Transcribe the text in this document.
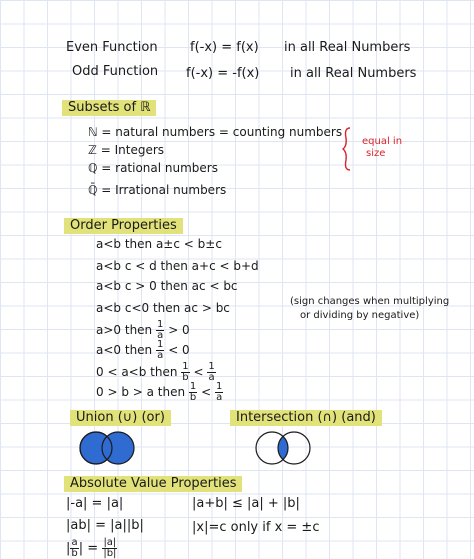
Even Function f(-x) = f(x) in all Real Numbers
Odd Function f(-x) = -f(x) in all Real Numbers
Subsets of ℝ
ℕ = natural numbers = counting numbers
ℤ = Integers
ℚ = rational numbers
ℚ̄ = Irrational numbers
equal in
size
Order Properties
a<b then a±c < b±c
a<b c < d then a+c < b+d
a<b c > 0 then ac < bc
a<b c<0 then ac > bc	(sign changes when multiplying
or dividing by negative)
a>0 then $\frac{1}{a} > 0$
a<0 then $\frac{1}{a} < 0$
0 < a<b then $\frac{1}{b} < \frac{1}{a}$
0 > b > a then $\frac{1}{b} < \frac{1}{a}$
Union (∪) (or)	Intersection (∩) (and)
Absolute Value Properties
|-a| = |a|
|ab| = |a||b|
|a+b| ≤ |a| + |b|
|x|=c only if x = ±c
| $\frac{a}{b}$ | = $\frac{|a|}{|b|}$
